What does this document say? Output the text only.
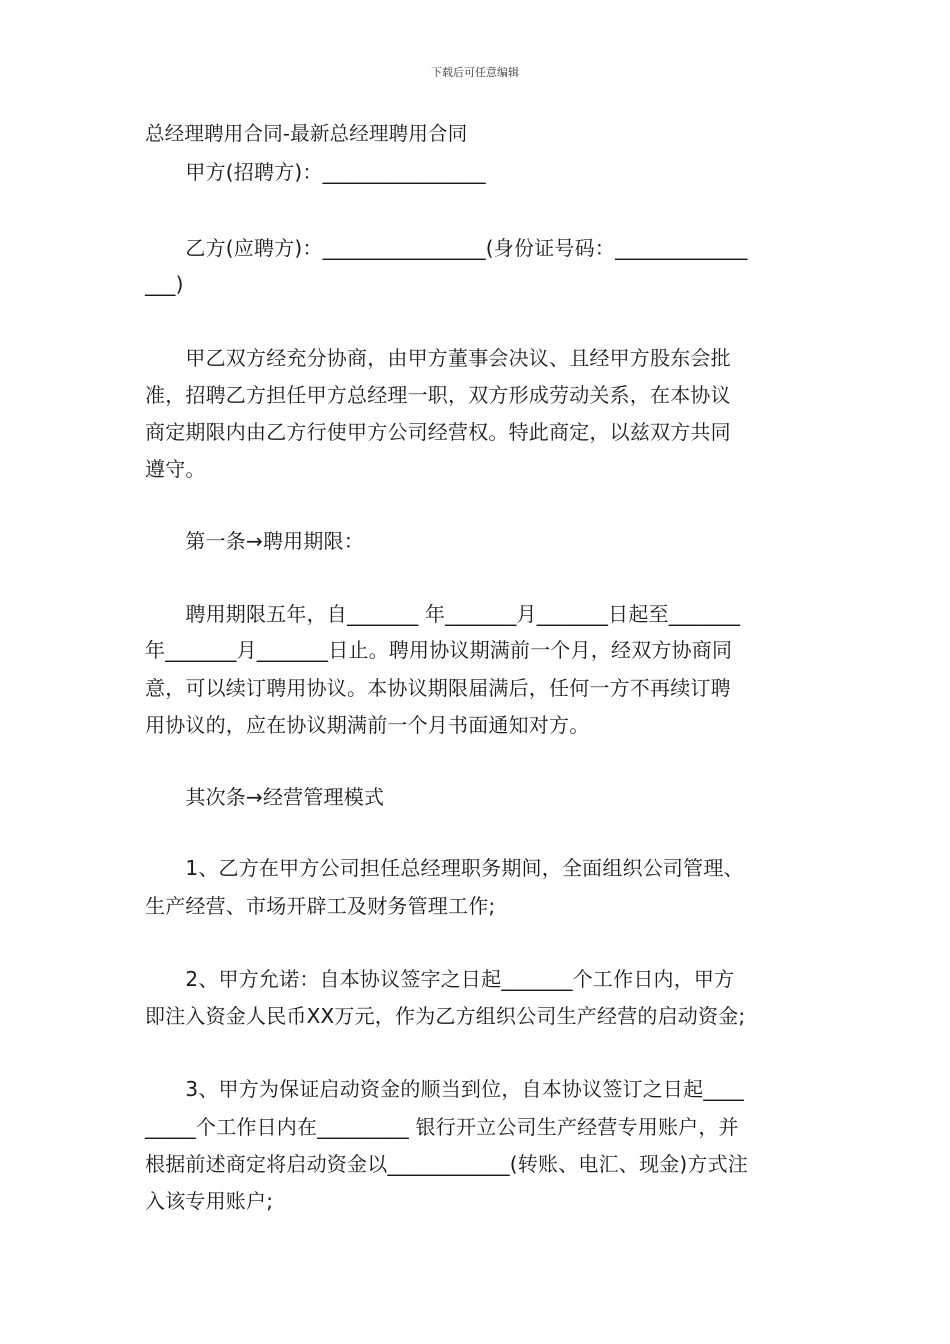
下载后可任意编辑
总经理聘用合同-最新总经理聘用合同
　　甲方(招聘方)：________________
　　乙方(应聘方)：________________(身份证号码：_____________
___)
　　甲乙双方经充分协商，由甲方董事会决议、且经甲方股东会批
准，招聘乙方担任甲方总经理一职，双方形成劳动关系，在本协议
商定期限内由乙方行使甲方公司经营权。特此商定，以兹双方共同
遵守。
　　第一条→聘用期限：
　　聘用期限五年，自_______ 年_______月_______日起至_______
年_______月_______日止。聘用协议期满前一个月，经双方协商同
意，可以续订聘用协议。本协议期限届满后，任何一方不再续订聘
用协议的，应在协议期满前一个月书面通知对方。
　　其次条→经营管理模式
　　1、乙方在甲方公司担任总经理职务期间，全面组织公司管理、
生产经营、市场开辟工及财务管理工作;
　　2、甲方允诺：自本协议签字之日起_______个工作日内，甲方
即注入资金人民币XX万元，作为乙方组织公司生产经营的启动资金;
　　3、甲方为保证启动资金的顺当到位，自本协议签订之日起____
_____个工作日内在_________ 银行开立公司生产经营专用账户，并
根据前述商定将启动资金以____________(转账、电汇、现金)方式注
入该专用账户;
